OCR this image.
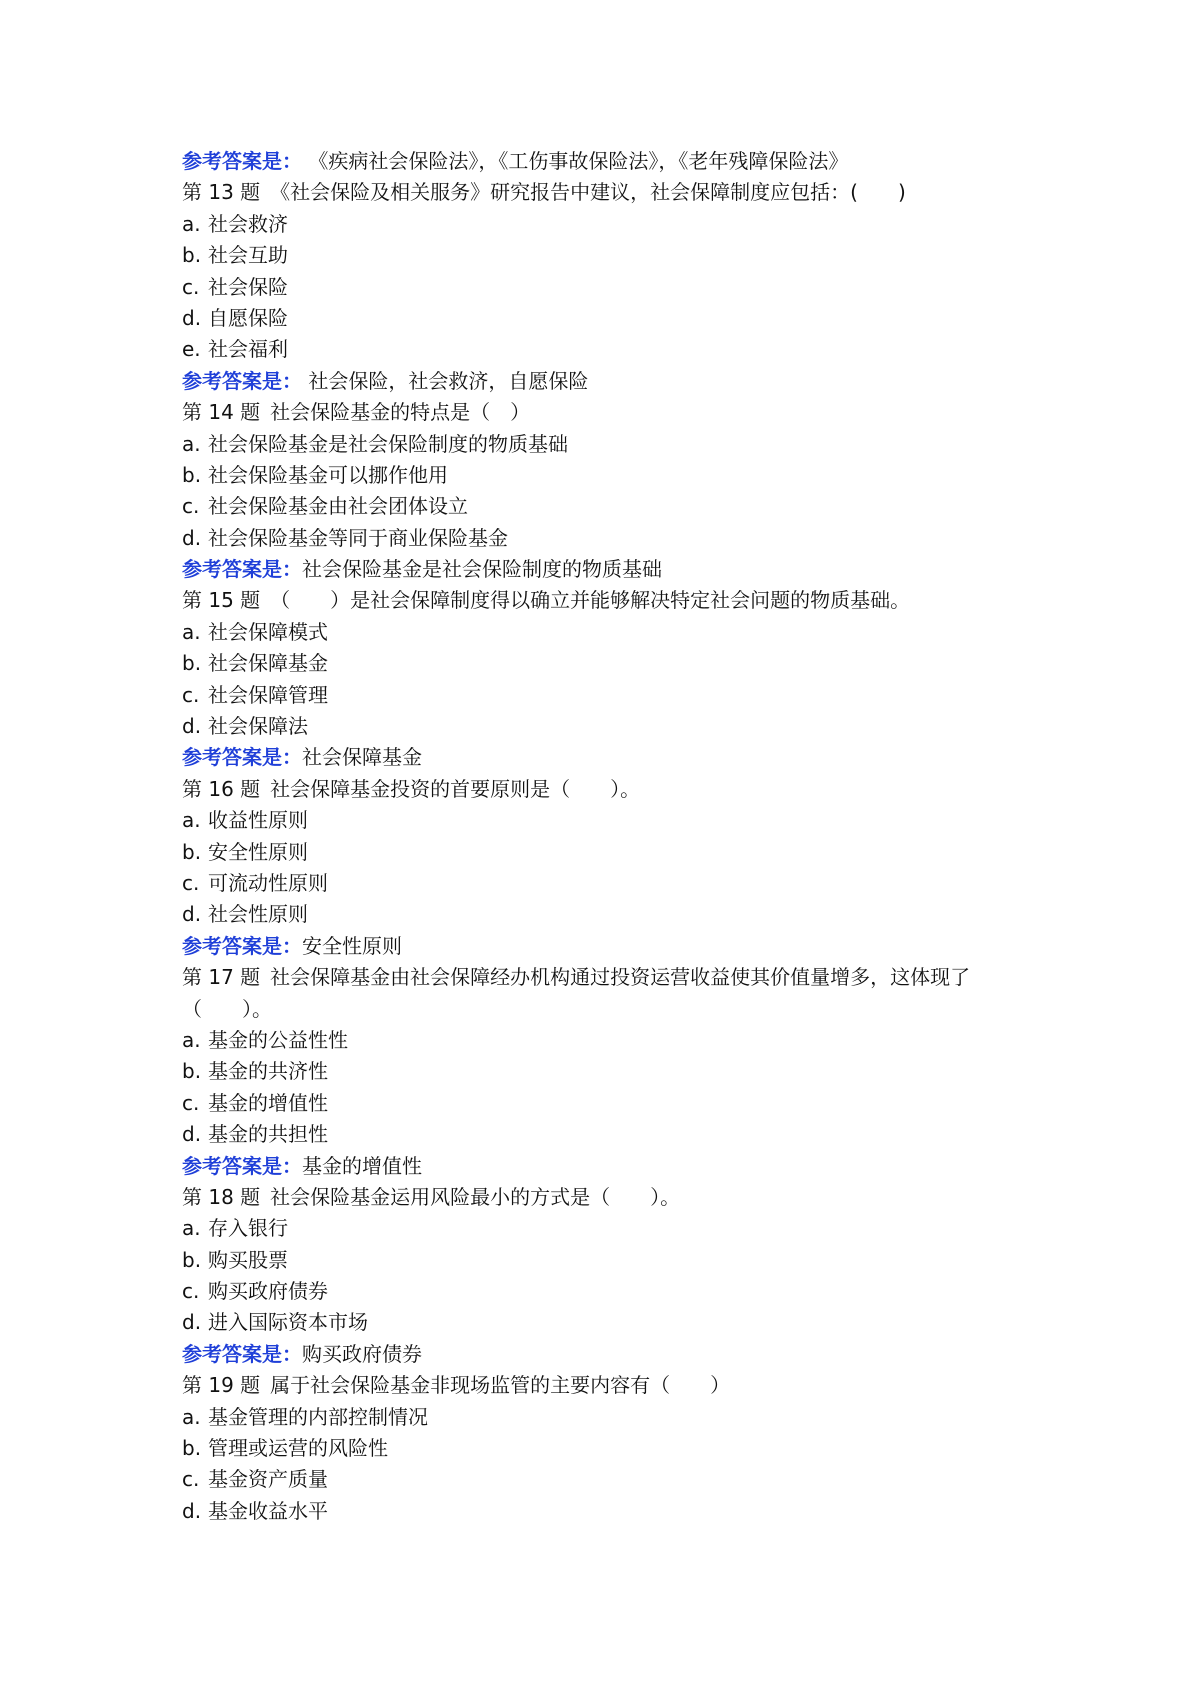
参考答案是： 《疾病社会保险法》，《工伤事故保险法》，《老年残障保险法》
第 13 题 《社会保险及相关服务》研究报告中建议，社会保障制度应包括：(　　)
a. 社会救济
b. 社会互助
c. 社会保险
d. 自愿保险
e. 社会福利
参考答案是： 社会保险，社会救济，自愿保险
第 14 题 社会保险基金的特点是（　）
a. 社会保险基金是社会保险制度的物质基础
b. 社会保险基金可以挪作他用
c. 社会保险基金由社会团体设立
d. 社会保险基金等同于商业保险基金
参考答案是：社会保险基金是社会保险制度的物质基础
第 15 题 （　　）是社会保障制度得以确立并能够解决特定社会问题的物质基础。
a. 社会保障模式
b. 社会保障基金
c. 社会保障管理
d. 社会保障法
参考答案是：社会保障基金
第 16 题 社会保障基金投资的首要原则是（　　）。
a. 收益性原则
b. 安全性原则
c. 可流动性原则
d. 社会性原则
参考答案是：安全性原则
第 17 题 社会保障基金由社会保障经办机构通过投资运营收益使其价值量增多，这体现了
（　　）。
a. 基金的公益性性
b. 基金的共济性
c. 基金的增值性
d. 基金的共担性
参考答案是：基金的增值性
第 18 题 社会保险基金运用风险最小的方式是（　　）。
a. 存入银行
b. 购买股票
c. 购买政府债券
d. 进入国际资本市场
参考答案是：购买政府债券
第 19 题 属于社会保险基金非现场监管的主要内容有（　　）
a. 基金管理的内部控制情况
b. 管理或运营的风险性
c. 基金资产质量
d. 基金收益水平
